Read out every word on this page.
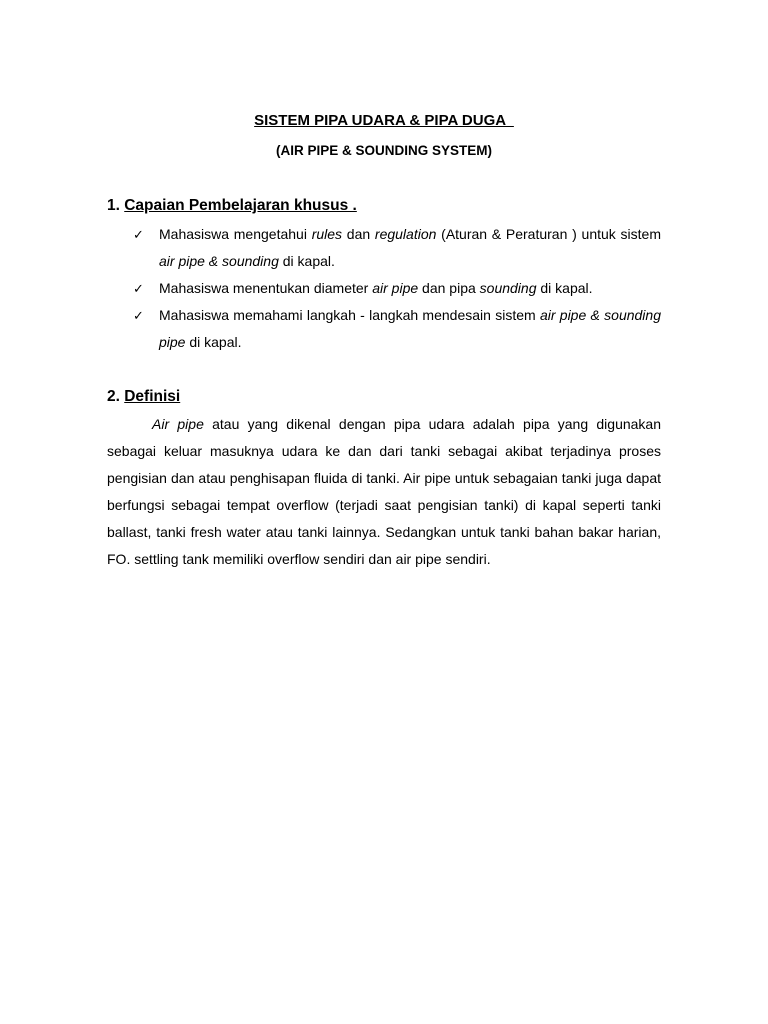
SISTEM PIPA UDARA & PIPA DUGA
(AIR PIPE & SOUNDING SYSTEM)
1. Capaian Pembelajaran khusus .
✓ Mahasiswa mengetahui rules dan regulation (Aturan & Peraturan ) untuk sistem air pipe & sounding di kapal.
✓ Mahasiswa menentukan diameter air pipe dan pipa sounding di kapal.
✓ Mahasiswa memahami langkah - langkah mendesain sistem air pipe & sounding pipe di kapal.
2. Definisi

Air pipe atau yang dikenal dengan pipa udara adalah pipa yang digunakan sebagai keluar masuknya udara ke dan dari tanki sebagai akibat terjadinya proses pengisian dan atau penghisapan fluida di tanki. Air pipe untuk sebagaian tanki juga dapat berfungsi sebagai tempat overflow (terjadi saat pengisian tanki) di kapal seperti tanki ballast, tanki fresh water atau tanki lainnya. Sedangkan untuk tanki bahan bakar harian, FO. settling tank memiliki overflow sendiri dan air pipe sendiri.
